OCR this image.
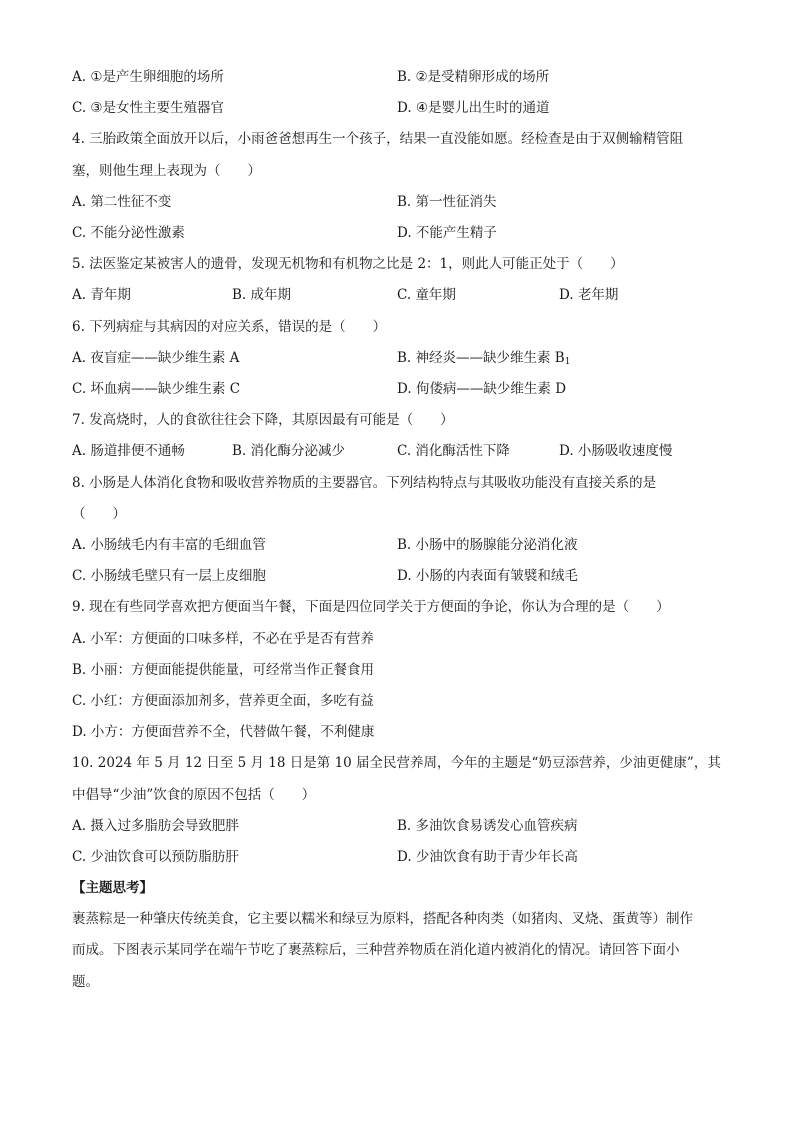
A. ①是产生卵细胞的场所	B. ②是受精卵形成的场所
C. ③是女性主要生殖器官	D. ④是婴儿出生时的通道
4. 三胎政策全面放开以后，小雨爸爸想再生一个孩子，结果一直没能如愿。经检查是由于双侧输精管阻
塞，则他生理上表现为（　　）
A. 第二性征不变	B. 第一性征消失
C. 不能分泌性激素	D. 不能产生精子
5. 法医鉴定某被害人的遗骨，发现无机物和有机物之比是 2：1，则此人可能正处于（　　）
A. 青年期	B. 成年期	C. 童年期	D. 老年期
6. 下列病症与其病因的对应关系，错误的是（　　）
A. 夜盲症——缺少维生素 A	B. 神经炎——缺少维生素 $B_1$
C. 坏血病——缺少维生素 C	D. 佝偻病——缺少维生素 D
7. 发高烧时，人的食欲往往会下降，其原因最有可能是（　　）
A. 肠道排便不通畅	B. 消化酶分泌减少	C. 消化酶活性下降	D. 小肠吸收速度慢
8. 小肠是人体消化食物和吸收营养物质的主要器官。下列结构特点与其吸收功能没有直接关系的是
（　　）
A. 小肠绒毛内有丰富的毛细血管	B. 小肠中的肠腺能分泌消化液
C. 小肠绒毛壁只有一层上皮细胞	D. 小肠的内表面有皱襞和绒毛
9. 现在有些同学喜欢把方便面当午餐，下面是四位同学关于方便面的争论，你认为合理的是（　　）
A. 小军：方便面的口味多样，不必在乎是否有营养
B. 小丽：方便面能提供能量，可经常当作正餐食用
C. 小红：方便面添加剂多，营养更全面，多吃有益
D. 小方：方便面营养不全，代替做午餐，不利健康
10. 2024 年 5 月 12 日至 5 月 18 日是第 10 届全民营养周，今年的主题是“奶豆添营养，少油更健康”，其
中倡导“少油”饮食的原因不包括（　　）
A. 摄入过多脂肪会导致肥胖	B. 多油饮食易诱发心血管疾病
C. 少油饮食可以预防脂肪肝	D. 少油饮食有助于青少年长高
【主题思考】
裹蒸粽是一种肇庆传统美食，它主要以糯米和绿豆为原料，搭配各种肉类（如猪肉、叉烧、蛋黄等）制作
而成。下图表示某同学在端午节吃了裹蒸粽后，三种营养物质在消化道内被消化的情况。请回答下面小
题。
